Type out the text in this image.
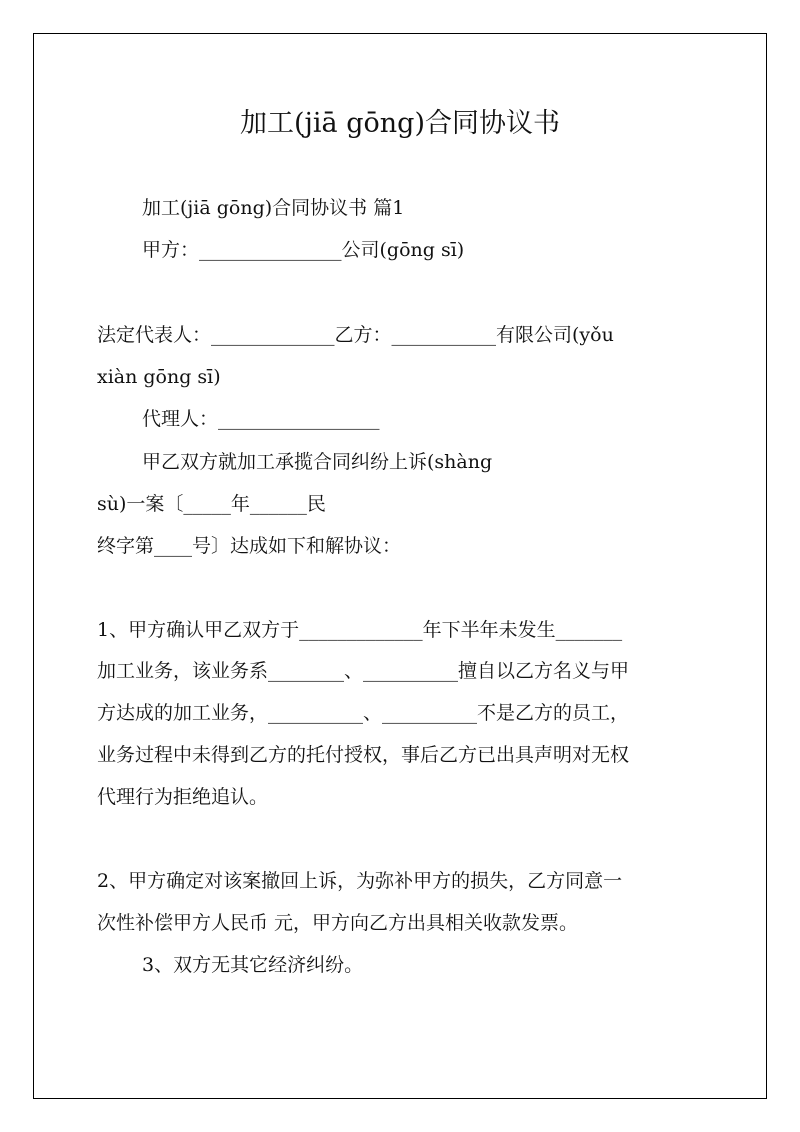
加工(jiā gōng)合同协议书
加工(jiā gōng)合同协议书 篇1
甲方：_______________公司(gōng sī)
法定代表人：_____________乙方：___________有限公司(yǒu
xiàn gōng sī)
代理人：_________________
甲乙双方就加工承揽合同纠纷上诉(shàng
sù)一案〔_____年______民
终字第____号〕达成如下和解协议：
1、甲方确认甲乙双方于_____________年下半年未发生_______
加工业务，该业务系________、__________擅自以乙方名义与甲
方达成的加工业务，__________、__________不是乙方的员工，
业务过程中未得到乙方的托付授权，事后乙方已出具声明对无权
代理行为拒绝追认。
2、甲方确定对该案撤回上诉，为弥补甲方的损失，乙方同意一
次性补偿甲方人民币 元，甲方向乙方出具相关收款发票。
3、双方无其它经济纠纷。
